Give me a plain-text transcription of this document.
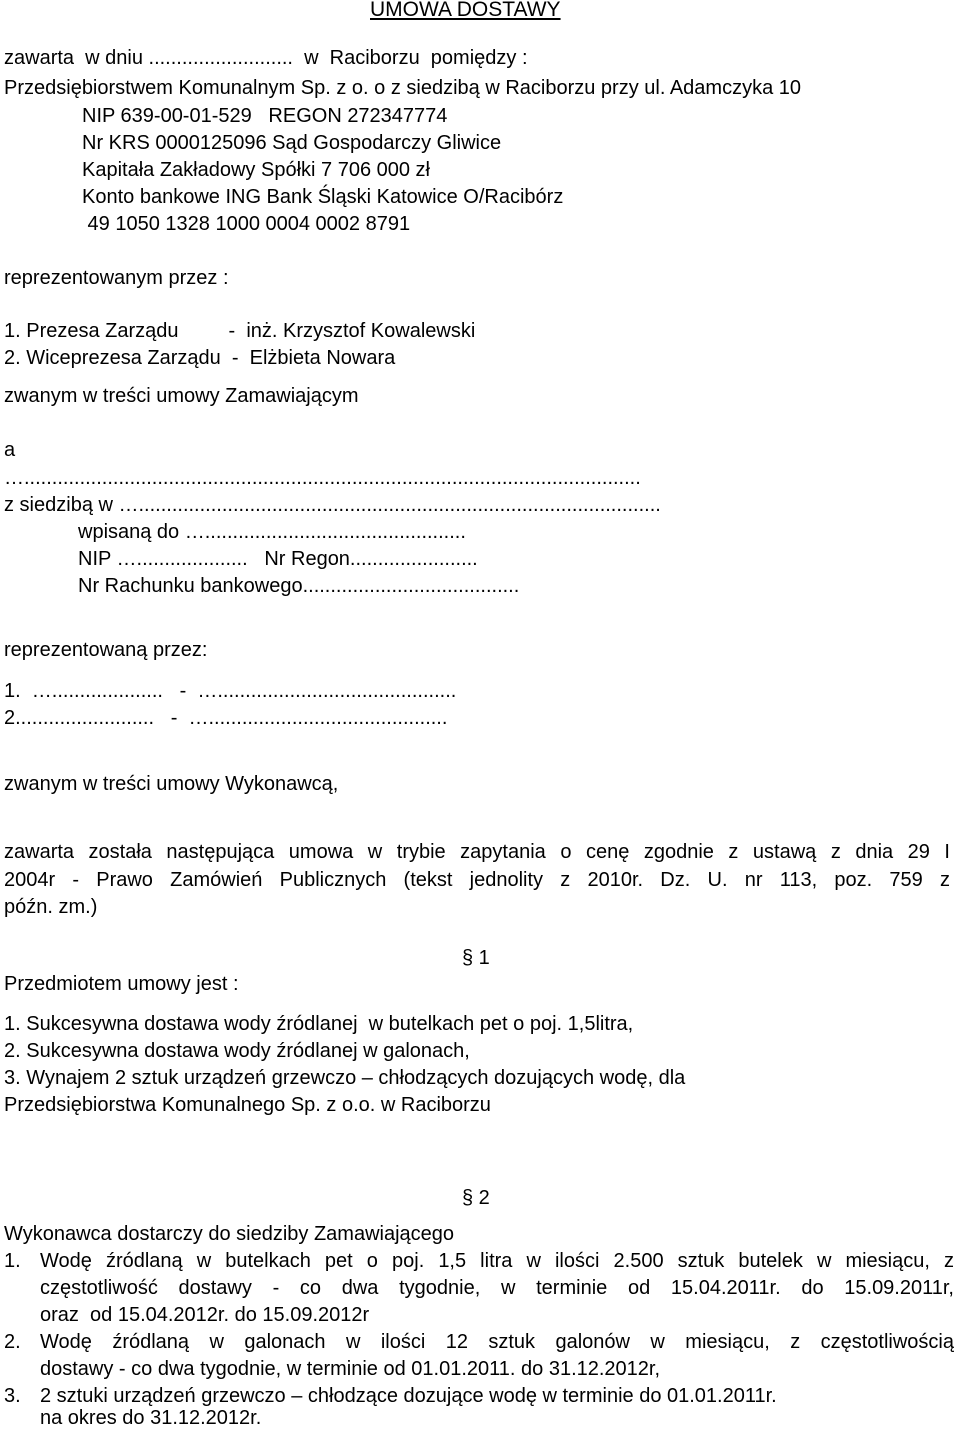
UMOWA DOSTAWY
zawarta  w dniu ..........................  w  Raciborzu  pomiędzy :
Przedsiębiorstwem Komunalnym Sp. z o. o z siedzibą w Raciborzu przy ul. Adamczyka 10
NIP 639-00-01-529   REGON 272347774
Nr KRS 0000125096 Sąd Gospodarczy Gliwice
Kapitała Zakładowy Spółki 7 706 000 zł
Konto bankowe ING Bank Śląski Katowice O/Racibórz
49 1050 1328 1000 0004 0002 8791
reprezentowanym przez :
1. Prezesa Zarządu         -  inż. Krzysztof Kowalewski
2. Wiceprezesa Zarządu  -  Elżbieta Nowara
zwanym w treści umowy Zamawiającym
a
…...............................................................................................................
z siedzibą w …..............................................................................................
wpisaną do …...............................................
NIP …....................   Nr Regon.......................
Nr Rachunku bankowego.......................................
reprezentowaną przez:
1.  …....................   -  …...........................................
2.........................   -  …...........................................
zwanym w treści umowy Wykonawcą,
zawarta została następująca umowa w trybie zapytania o cenę zgodnie z ustawą z dnia 29 I
2004r - Prawo Zamówień Publicznych (tekst jednolity z 2010r. Dz. U. nr 113, poz. 759 z
późn. zm.)
§ 1
Przedmiotem umowy jest :
1. Sukcesywna dostawa wody źródlanej  w butelkach pet o poj. 1,5litra,
2. Sukcesywna dostawa wody źródlanej w galonach,
3. Wynajem 2 sztuk urządzeń grzewczo – chłodzących dozujących wodę, dla
Przedsiębiorstwa Komunalnego Sp. z o.o. w Raciborzu
§ 2
Wykonawca dostarczy do siedziby Zamawiającego
1. Wodę źródlaną w butelkach pet o poj. 1,5 litra w ilości 2.500 sztuk butelek w miesiącu, z
częstotliwość dostawy - co dwa tygodnie, w terminie od 15.04.2011r. do 15.09.2011r,
oraz  od 15.04.2012r. do 15.09.2012r
2. Wodę źródlaną w galonach w ilości 12 sztuk galonów w miesiącu, z częstotliwością
dostawy - co dwa tygodnie, w terminie od 01.01.2011. do 31.12.2012r,
3. 2 sztuki urządzeń grzewczo – chłodzące dozujące wodę w terminie do 01.01.2011r.
na okres do 31.12.2012r.
